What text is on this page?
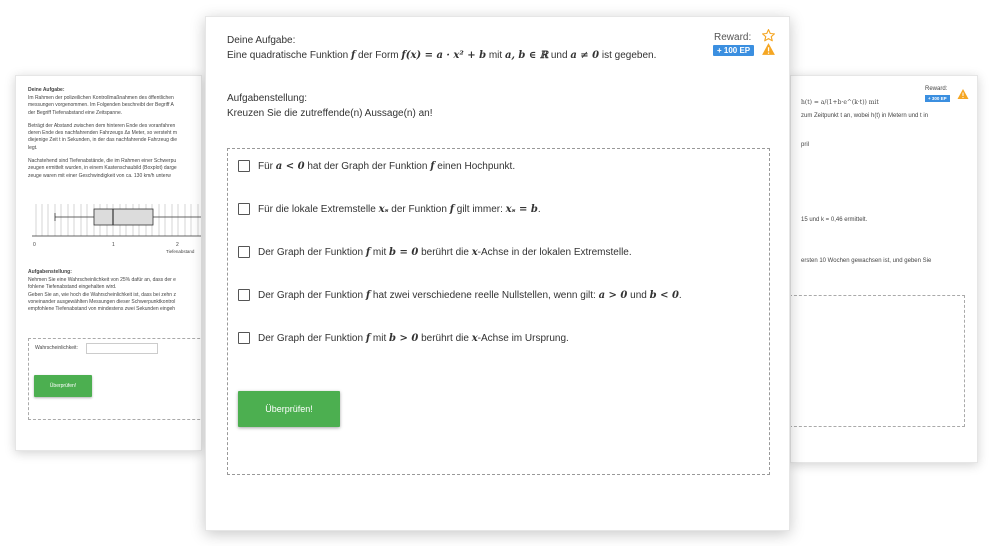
Deine Aufgabe:
Im Rahmen der polizeilichen Kontrollmaßnahmen des öffentlichen
messungen vorgenommen. Im Folgenden beschreibt der Begriff A
der Begriff Tiefenabstand eine Zeitspanne.
Beträgt der Abstand zwischen dem hinteren Ende des voranfahren
deren Ende des nachfahrenden Fahrzeugs Δs Meter, so versteht m
diejenige Zeit t in Sekunden, in der das nachfahrende Fahrzeug die
legt.
Nachstehend sind Tiefenabstände, die im Rahmen einer Schwerpu
zeugen ermittelt wurden, in einem Kastenschaubild (Boxplot) darge
zeuge waren mit einer Geschwindigkeit von ca. 130 km/h unterw
0	1	2
Tiefenabstand
Aufgabenstellung:
Nehmen Sie eine Wahrscheinlichkeit von 25% dafür an, dass der e
fohlene Tiefenabstand eingehalten wird.
Geben Sie an, wie hoch die Wahrscheinlichkeit ist, dass bei zehn z
voneinander ausgewählten Messungen dieser Schwerpunktkontrol
empfohlene Tiefenabstand von mindestens zwei Sekunden eingeh
Wahrscheinlichkeit:
Überprüfen!
Reward:
+ 300 EP
h(t) = a/(1+b·e^(k·t)) mit
zum Zeitpunkt t an, wobei h(t) in Metern und t in
pril
15 und k = 0,46 ermittelt.
ersten 10 Wochen gewachsen ist, und geben Sie
Deine Aufgabe:
Eine quadratische Funktion f der Form f(x) = a · x² + b mit a, b ∈ ℝ und a ≠ 0 ist gegeben.
Reward:
+ 100 EP
Aufgabenstellung:
Kreuzen Sie die zutreffende(n) Aussage(n) an!
Für a < 0 hat der Graph der Funktion f einen Hochpunkt.
Für die lokale Extremstelle xₛ der Funktion f gilt immer: xₛ = b.
Der Graph der Funktion f mit b = 0 berührt die x-Achse in der lokalen Extremstelle.
Der Graph der Funktion f hat zwei verschiedene reelle Nullstellen, wenn gilt: a > 0 und b < 0.
Der Graph der Funktion f mit b > 0 berührt die x-Achse im Ursprung.
Überprüfen!
